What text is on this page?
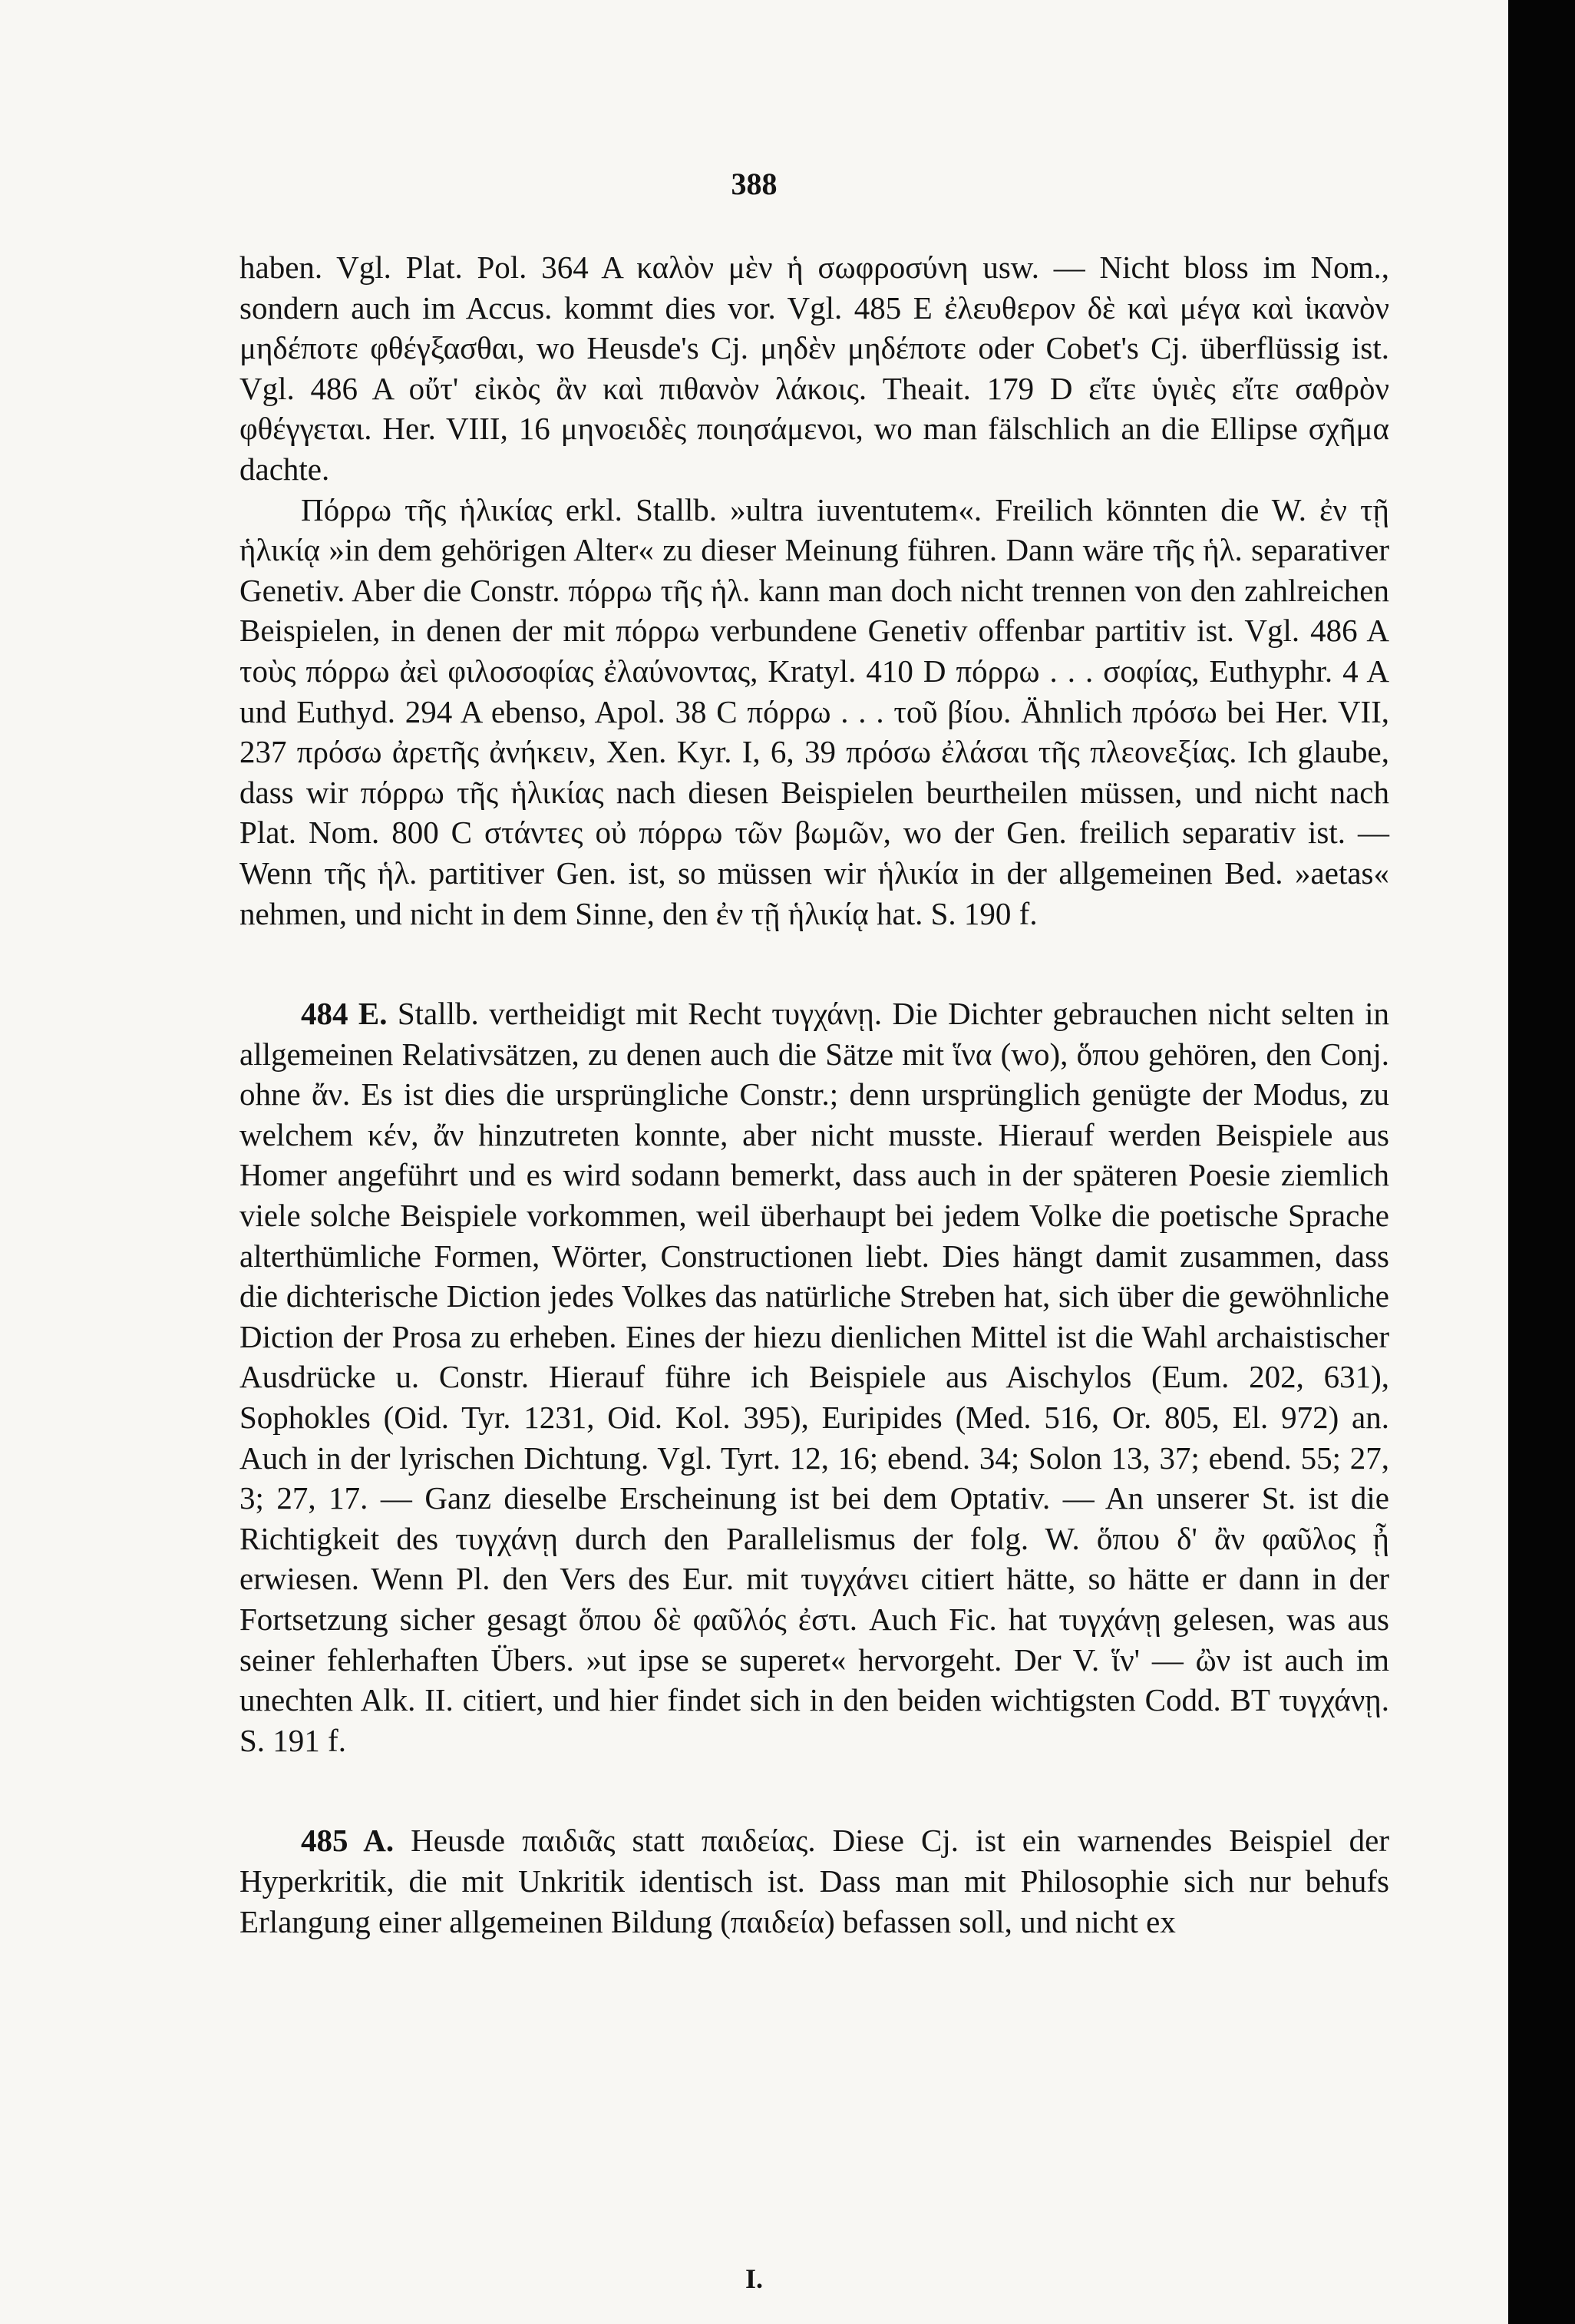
388

haben. Vgl. Plat. Pol. 364 A καλὸν μὲν ἡ σωφροσύνη usw. — Nicht bloss im Nom., sondern auch im Accus. kommt dies vor. Vgl. 485 E ἐλευθερον δὲ καὶ μέγα καὶ ἱκανὸν μηδέποτε φθέγξασθαι, wo Heusde's Cj. μηδὲν μηδέποτε oder Cobet's Cj. überflüssig ist. Vgl. 486 A οὔτ' εἰκὸς ἂν καὶ πιθανὸν λάκοις. Theait. 179 D εἴτε ὑγιὲς εἴτε σαθρὸν φθέγγεται. Her. VIII, 16 μηνοειδὲς ποιησάμενοι, wo man fälschlich an die Ellipse σχῆμα dachte.

Πόρρω τῆς ἡλικίας erkl. Stallb. »ultra iuventutem«. Freilich könnten die W. ἐν τῇ ἡλικίᾳ »in dem gehörigen Alter« zu dieser Meinung führen. Dann wäre τῆς ἡλ. separativer Genetiv. Aber die Constr. πόρρω τῆς ἡλ. kann man doch nicht trennen von den zahlreichen Beispielen, in denen der mit πόρρω verbundene Genetiv offenbar partitiv ist. Vgl. 486 A τοὺς πόρρω ἀεὶ φιλοσοφίας ἐλαύνοντας, Kratyl. 410 D πόρρω . . . σοφίας, Euthyphr. 4 A und Euthyd. 294 A ebenso, Apol. 38 C πόρρω . . . τοῦ βίου. Ähnlich πρόσω bei Her. VII, 237 πρόσω ἀρετῆς ἀνήκειν, Xen. Kyr. I, 6, 39 πρόσω ἐλάσαι τῆς πλεονεξίας. Ich glaube, dass wir πόρρω τῆς ἡλικίας nach diesen Beispielen beurtheilen müssen, und nicht nach Plat. Nom. 800 C στάντες οὐ πόρρω τῶν βωμῶν, wo der Gen. freilich separativ ist. — Wenn τῆς ἡλ. partitiver Gen. ist, so müssen wir ἡλικία in der allgemeinen Bed. »aetas« nehmen, und nicht in dem Sinne, den ἐν τῇ ἡλικίᾳ hat. S. 190 f.

484 E. Stallb. vertheidigt mit Recht τυγχάνῃ. Die Dichter gebrauchen nicht selten in allgemeinen Relativsätzen, zu denen auch die Sätze mit ἵνα (wo), ὅπου gehören, den Conj. ohne ἄν. Es ist dies die ursprüngliche Constr.; denn ursprünglich genügte der Modus, zu welchem κέν, ἄν hinzutreten konnte, aber nicht musste. Hierauf werden Beispiele aus Homer angeführt und es wird sodann bemerkt, dass auch in der späteren Poesie ziemlich viele solche Beispiele vorkommen, weil überhaupt bei jedem Volke die poetische Sprache alterthümliche Formen, Wörter, Constructionen liebt. Dies hängt damit zusammen, dass die dichterische Diction jedes Volkes das natürliche Streben hat, sich über die gewöhnliche Diction der Prosa zu erheben. Eines der hiezu dienlichen Mittel ist die Wahl archaistischer Ausdrücke u. Constr. Hierauf führe ich Beispiele aus Aischylos (Eum. 202, 631), Sophokles (Oid. Tyr. 1231, Oid. Kol. 395), Euripides (Med. 516, Or. 805, El. 972) an. Auch in der lyrischen Dichtung. Vgl. Tyrt. 12, 16; ebend. 34; Solon 13, 37; ebend. 55; 27, 3; 27, 17. — Ganz dieselbe Erscheinung ist bei dem Optativ. — An unserer St. ist die Richtigkeit des τυγχάνῃ durch den Parallelismus der folg. W. ὅπου δ' ἂν φαῦλος ᾖ erwiesen. Wenn Pl. den Vers des Eur. mit τυγχάνει citiert hätte, so hätte er dann in der Fortsetzung sicher gesagt ὅπου δὲ φαῦλός ἐστι. Auch Fic. hat τυγχάνῃ gelesen, was aus seiner fehlerhaften Übers. »ut ipse se superet« hervorgeht. Der V. ἵν' — ὢν ist auch im unechten Alk. II. citiert, und hier findet sich in den beiden wichtigsten Codd. BT τυγχάνῃ. S. 191 f.

485 A. Heusde παιδιᾶς statt παιδείας. Diese Cj. ist ein warnendes Beispiel der Hyperkritik, die mit Unkritik identisch ist. Dass man mit Philosophie sich nur behufs Erlangung einer allgemeinen Bildung (παιδεία) befassen soll, und nicht ex

I.
